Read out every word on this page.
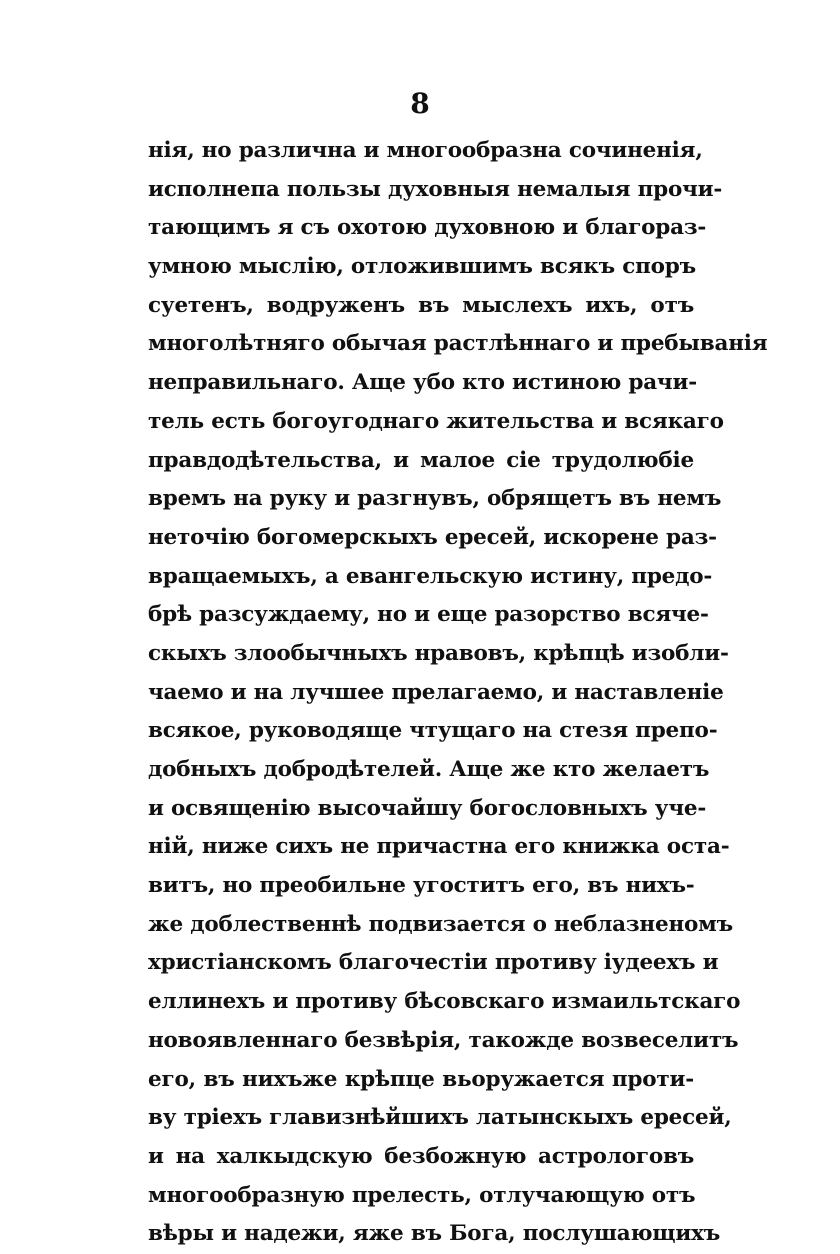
8
нія, но различна и многообразна сочиненія,
исполнепа пользы духовныя немалыя прочи-
тающимъ я съ охотою духовною и благораз-
умною мыслію, отложившимъ всякъ споръ
суетенъ, водруженъ въ мыслехъ ихъ, отъ
многолѣтняго обычая растлѣннаго и пребыванія
неправильнаго. Аще убо кто истиною рачи-
тель есть богоугоднаго жительства и всякаго
правдодѣтельства, и малое сіе трудолюбіе
времъ на руку и разгнувъ, обрящетъ въ немъ
неточію богомерскыхъ ересей, искорене раз-
вращаемыхъ, а евангельскую истину, предо-
брѣ разсуждаему, но и еще разорство всяче-
скыхъ злообычныхъ нравовъ, крѣпцѣ изобли-
чаемо и на лучшее прелагаемо, и наставленіе
всякое, руководяще чтущаго на стезя препо-
добныхъ добродѣтелей. Аще же кто желаетъ
и освященію высочайшу богословныхъ уче-
ній, ниже сихъ не причастна его книжка оста-
витъ, но преобильне угоститъ его, въ нихъ-
же доблественнѣ подвизается о неблазненомъ
христіанскомъ благочестіи противу іудеехъ и
еллинехъ и противу бѣсовскаго измаильтскаго
новоявленнаго безвѣрія, такожде возвеселитъ
его, въ нихъже крѣпце вьоружается проти-
ву тріехъ главизнѣйшихъ латынскыхъ ересей,
и на халкыдскую безбожную астрологовъ
многообразную прелесть, отлучающую отъ
вѣры и надежи, яже въ Бога, послушающихъ
